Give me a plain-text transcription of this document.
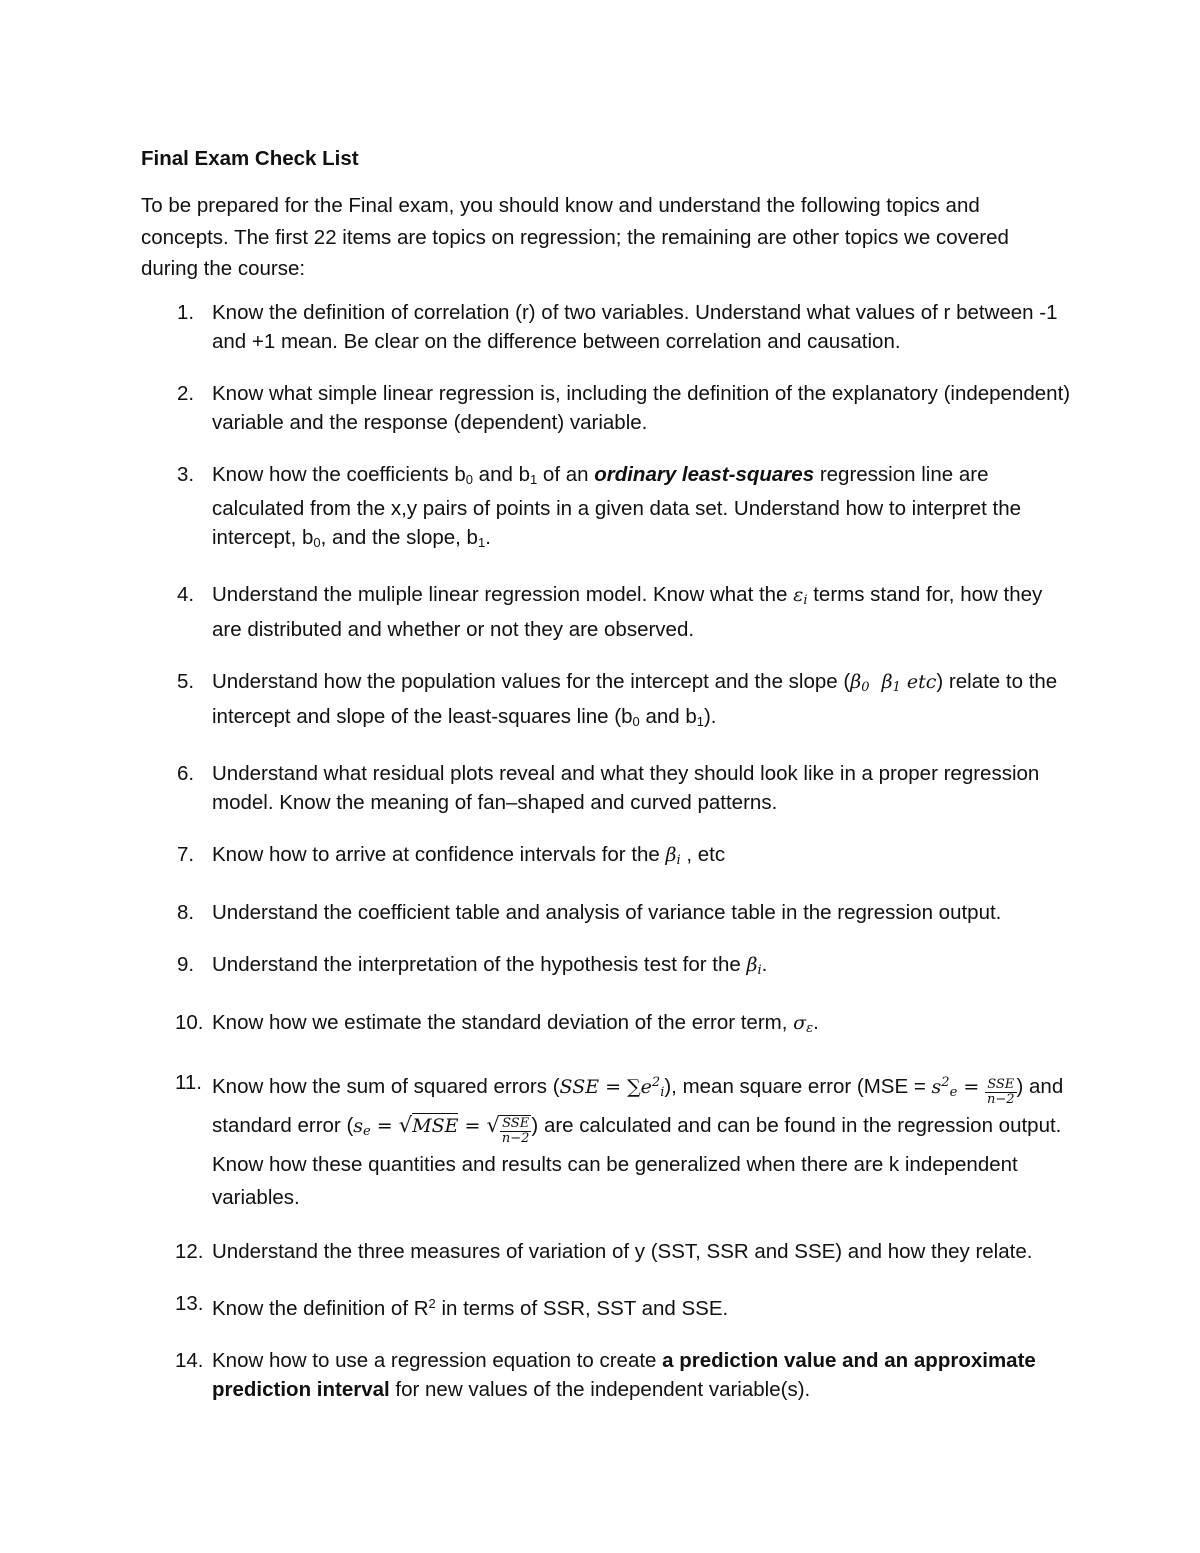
Final Exam Check List
To be prepared for the Final exam, you should know and understand the following topics and concepts. The first 22 items are topics on regression; the remaining are other topics we covered during the course:
1. Know the definition of correlation (r) of two variables. Understand what values of r between -1 and +1 mean. Be clear on the difference between correlation and causation.
2. Know what simple linear regression is, including the definition of the explanatory (independent) variable and the response (dependent) variable.
3. Know how the coefficients $b_0$ and $b_1$ of an ordinary least-squares regression line are calculated from the x,y pairs of points in a given data set. Understand how to interpret the intercept, $b_0$, and the slope, $b_1$.
4. Understand the muliple linear regression model. Know what the $\varepsilon_i$ terms stand for, how they are distributed and whether or not they are observed.
5. Understand how the population values for the intercept and the slope ($\beta_0$ $\beta_1$ etc) relate to the intercept and slope of the least-squares line ($b_0$ and $b_1$).
6. Understand what residual plots reveal and what they should look like in a proper regression model. Know the meaning of fan–shaped and curved patterns.
7. Know how to arrive at confidence intervals for the $\beta_i$ , etc
8. Understand the coefficient table and analysis of variance table in the regression output.
9. Understand the interpretation of the hypothesis test for the $\beta_i$.
10. Know how we estimate the standard deviation of the error term, $\sigma_\varepsilon$.
11. Know how the sum of squared errors $(SSE = \sum e^2_i)$, mean square error ($MSE = s^2_e = \frac{\text{SSE}}{n-2}$ ) and standard error ($s_e = √MSE$ = √ $\frac{\text{SSE}}{n-2}$ ) are calculated and can be found in the regression output. Know how these quantities and results can be generalized when there are k independent variables.
12. Understand the three measures of variation of y (SST, SSR and SSE) and how they relate.
13. Know the definition of $R^2$ in terms of SSR, SST and SSE.
14. Know how to use a regression equation to create a prediction value and an approximate prediction interval for new values of the independent variable(s).
